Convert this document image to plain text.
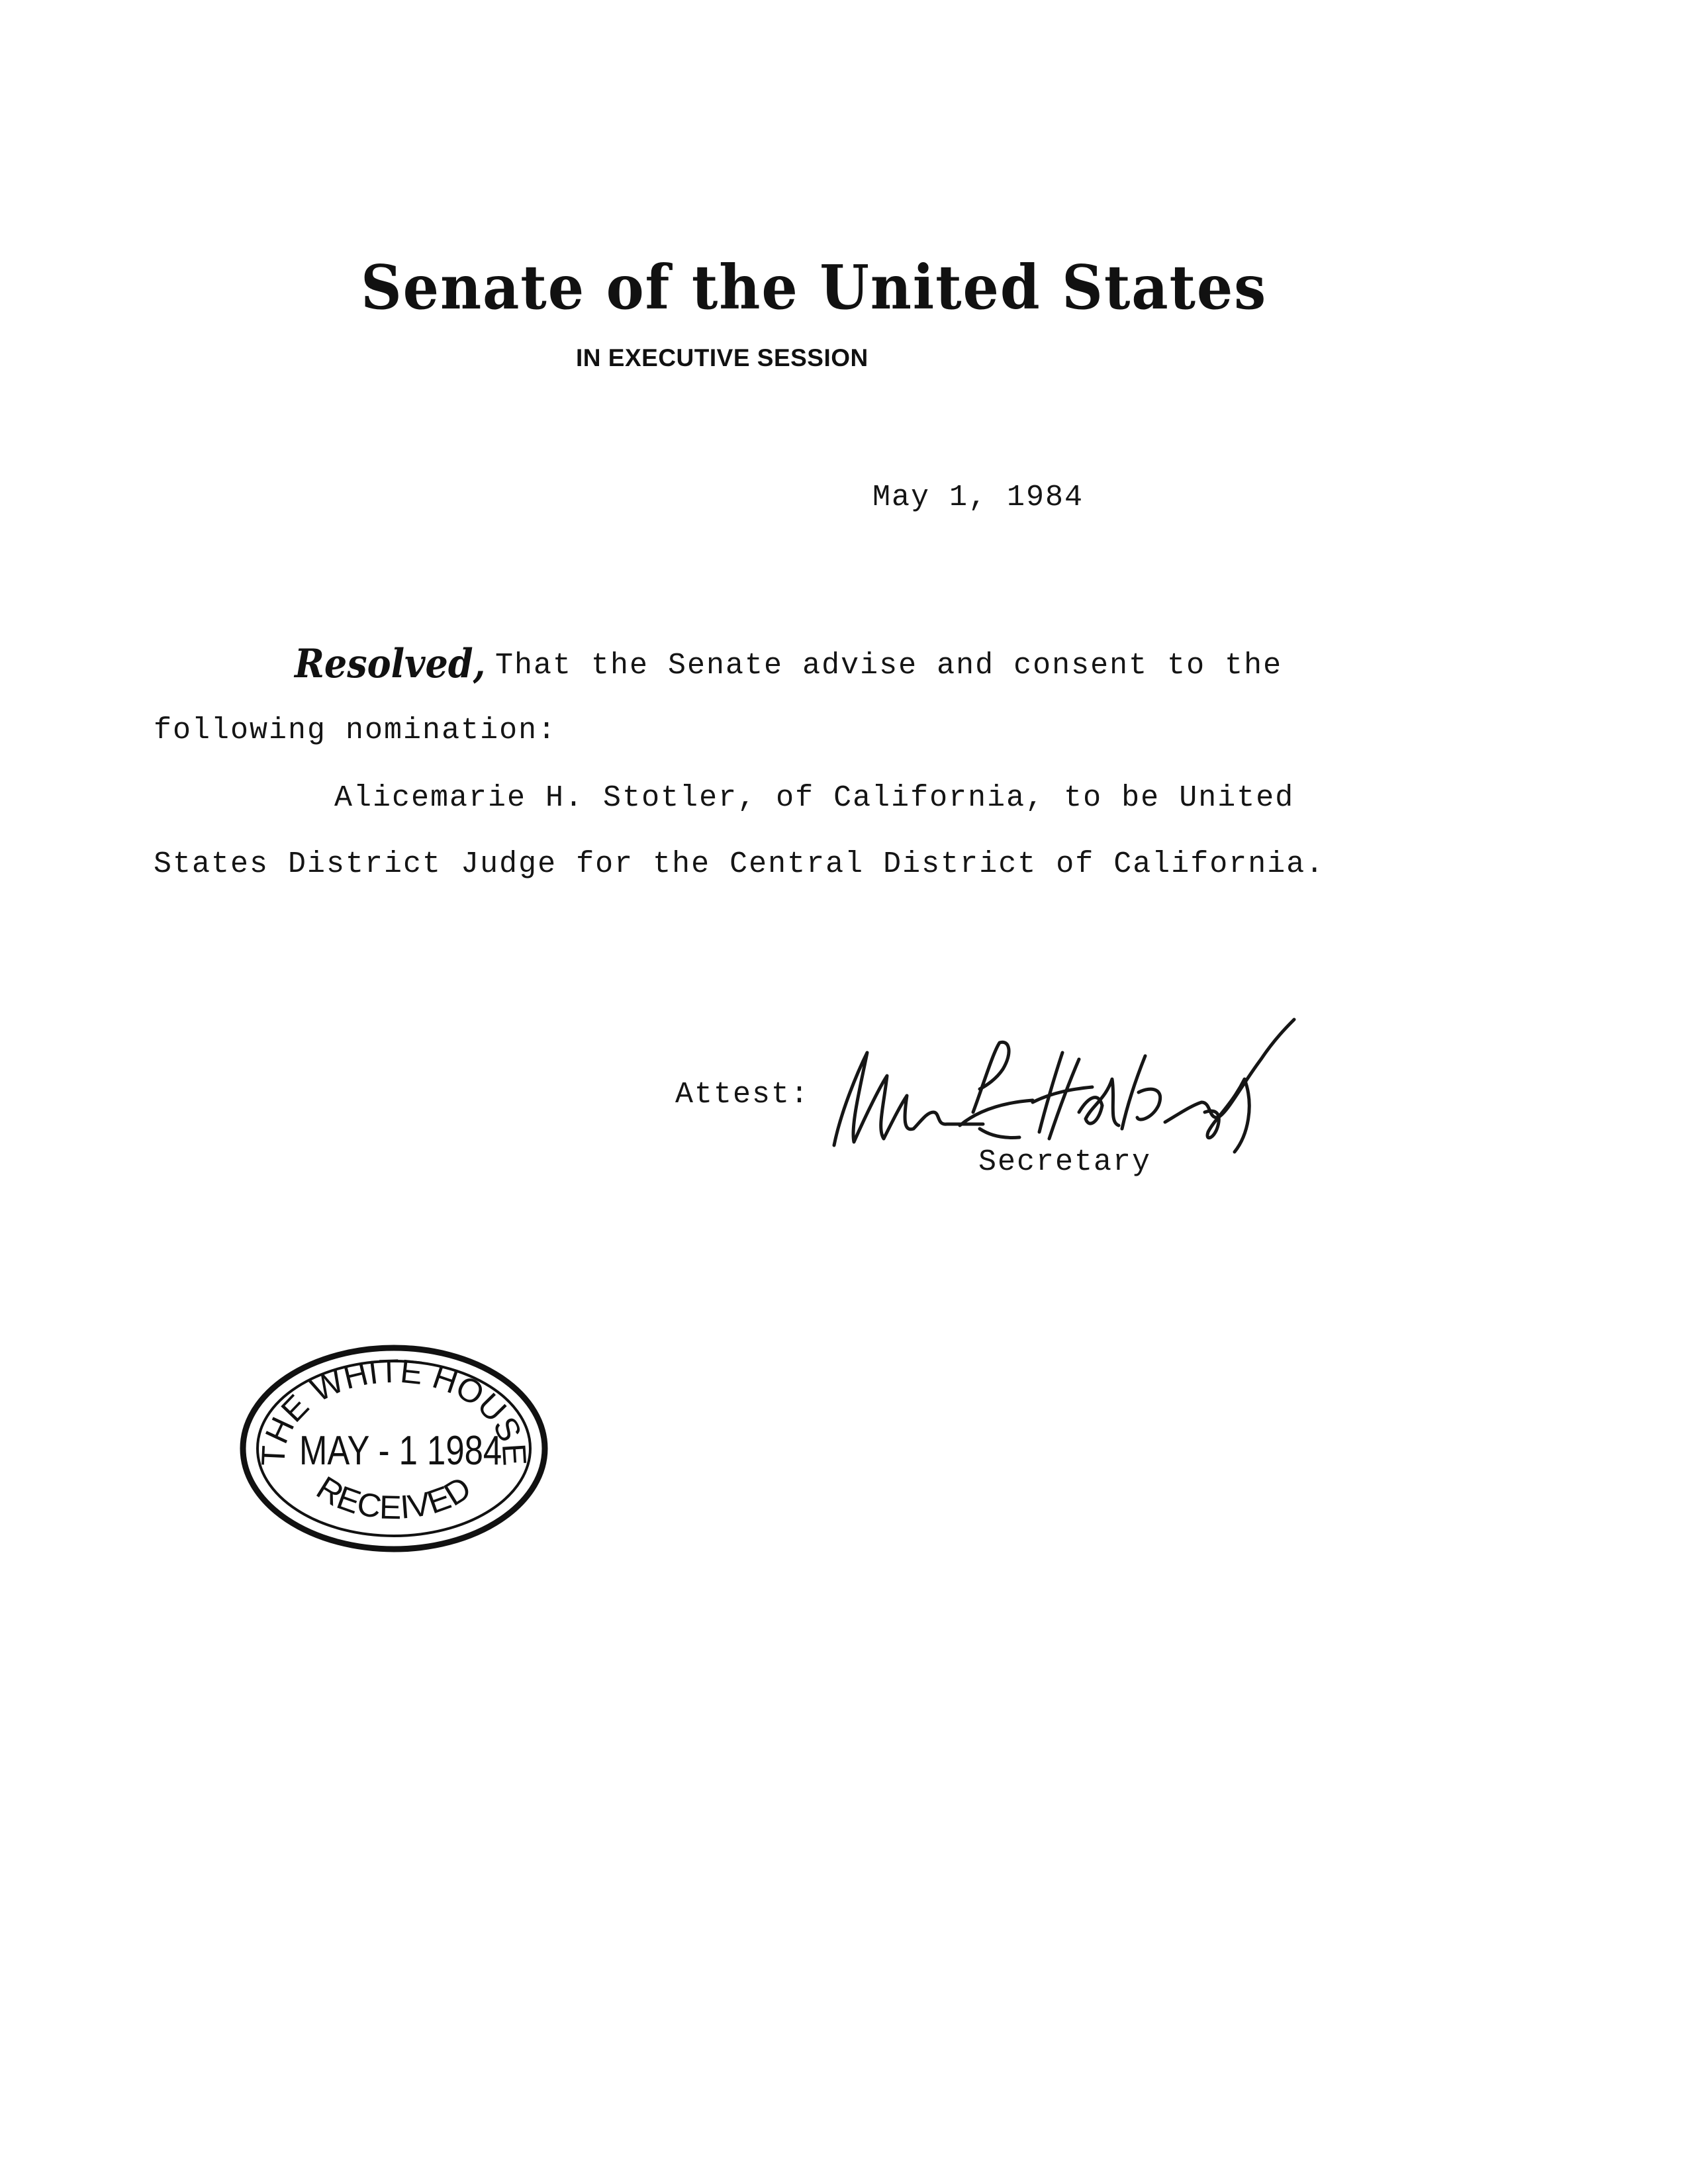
Senate of the United States
IN EXECUTIVE SESSION
May 1, 1984
Resolved, That the Senate advise and consent to the
following nomination:
Alicemarie H. Stotler, of California, to be United
States District Judge for the Central District of California.
Attest:
Secretary
THE WHITE HOUSE
RECEIVED
MAY - 1 1984
